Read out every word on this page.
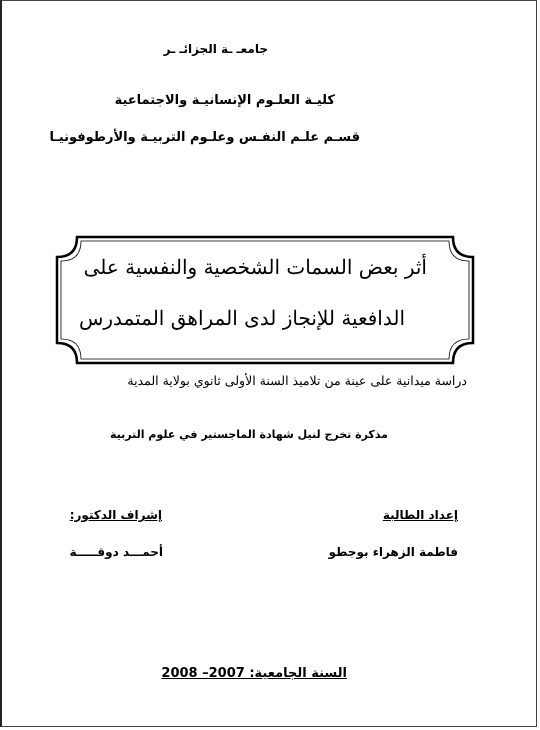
جامعـ ـة الجزائـ ـر
كليـة العلـوم الإنسانيـة والاجتماعية
قسـم علـم النفـس وعلـوم التربيـة والأرطوفونيـا
أثر بعض السمات الشخصية والنفسية على
الدافعية للإنجاز لدى المراهق المتمدرس
دراسة ميدانية على عينة من تلاميذ السنة الأولى ثانوي بولاية المدية
مذكرة تخرج لنيل شهادة الماجستير في علوم التربية
إعداد الطالبة
إشراف الدكتور:
فاطمة الزهراء بوجطو
أحمـــد دوقـــــة
السنة الجامعية: 2007– 2008
